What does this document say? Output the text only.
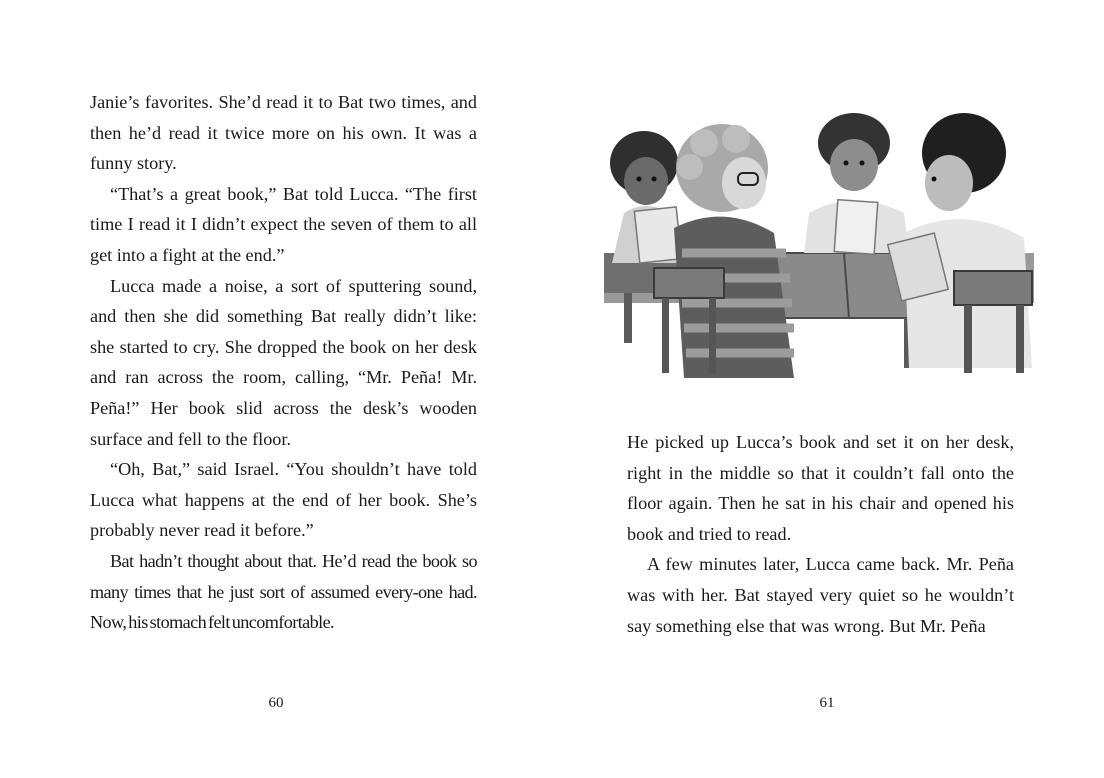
Janie’s favorites. She’d read it to Bat two times, and then he’d read it twice more on his own. It was a funny story.

“That’s a great book,” Bat told Lucca. “The first time I read it I didn’t expect the seven of them to all get into a fight at the end.”

Lucca made a noise, a sort of sputtering sound, and then she did something Bat really didn’t like: she started to cry. She dropped the book on her desk and ran across the room, calling, “Mr. Peña! Mr. Peña!” Her book slid across the desk’s wooden surface and fell to the floor.

“Oh, Bat,” said Israel. “You shouldn’t have told Lucca what happens at the end of her book. She’s probably never read it before.”

Bat hadn’t thought about that. He’d read the book so many times that he just sort of assumed every-one had. Now, his stomach felt uncomfortable.

60

He picked up Lucca’s book and set it on her desk, right in the middle so that it couldn’t fall onto the floor again. Then he sat in his chair and opened his book and tried to read.

A few minutes later, Lucca came back. Mr. Peña was with her. Bat stayed very quiet so he wouldn’t say something else that was wrong. But Mr. Peña

61
